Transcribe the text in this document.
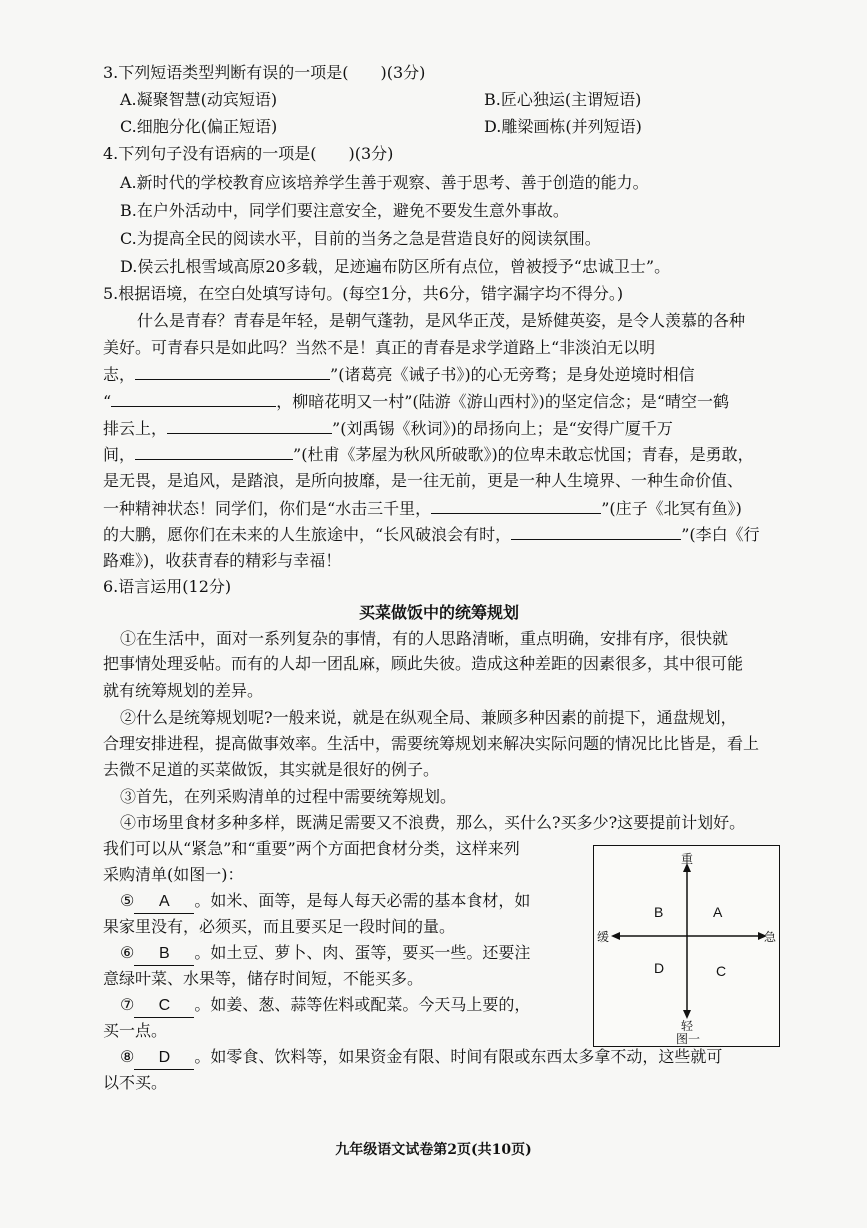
3.下列短语类型判断有误的一项是(　　)(3分)
A.凝聚智慧(动宾短语)	B.匠心独运(主谓短语)
C.细胞分化(偏正短语)	D.雕梁画栋(并列短语)
4.下列句子没有语病的一项是(　　)(3分)
A.新时代的学校教育应该培养学生善于观察、善于思考、善于创造的能力。
B.在户外活动中，同学们要注意安全，避免不要发生意外事故。
C.为提高全民的阅读水平，目前的当务之急是营造良好的阅读氛围。
D.侯云扎根雪域高原20多载，足迹遍布防区所有点位，曾被授予“忠诚卫士”。
5.根据语境，在空白处填写诗句。(每空1分，共6分，错字漏字均不得分。)
什么是青春？青春是年轻，是朝气蓬勃，是风华正茂，是矫健英姿，是令人羡慕的各种
美好。可青春只是如此吗？当然不是！真正的青春是求学道路上“非淡泊无以明
志，	”(诸葛亮《诫子书》)的心无旁骛；是身处逆境时相信
“	，柳暗花明又一村”(陆游《游山西村》)的坚定信念；是“晴空一鹤
排云上，	”(刘禹锡《秋词》)的昂扬向上；是“安得广厦千万
间，	”(杜甫《茅屋为秋风所破歌》)的位卑未敢忘忧国；青春，是勇敢，
是无畏，是追风，是踏浪，是所向披靡，是一往无前，更是一种人生境界、一种生命价值、
一种精神状态！同学们，你们是“水击三千里，	”(庄子《北冥有鱼》)
的大鹏，愿你们在未来的人生旅途中，“长风破浪会有时，	”(李白《行
路难》)，收获青春的精彩与幸福！
6.语言运用(12分)
买菜做饭中的统筹规划
①在生活中，面对一系列复杂的事情，有的人思路清晰，重点明确，安排有序，很快就
把事情处理妥帖。而有的人却一团乱麻，顾此失彼。造成这种差距的因素很多，其中很可能
就有统筹规划的差异。
②什么是统筹规划呢?一般来说，就是在纵观全局、兼顾多种因素的前提下，通盘规划，
合理安排进程，提高做事效率。生活中，需要统筹规划来解决实际问题的情况比比皆是，看上
去微不足道的买菜做饭，其实就是很好的例子。
③首先，在列采购清单的过程中需要统筹规划。
④市场里食材多种多样，既满足需要又不浪费，那么，买什么?买多少?这要提前计划好。
我们可以从“紧急”和“重要”两个方面把食材分类，这样来列
采购清单(如图一)：
⑤ A 。如米、面等，是每人每天必需的基本食材，如
果家里没有，必须买，而且要买足一段时间的量。
⑥ B 。如土豆、萝卜、肉、蛋等，要买一些。还要注
意绿叶菜、水果等，储存时间短，不能买多。
⑦ C 。如姜、葱、蒜等佐料或配菜。今天马上要的，
买一点。
⑧ D 。如零食、饮料等，如果资金有限、时间有限或东西太多拿不动，这些就可
以不买。
重
轻
缓	急
B	A
D	C
图一
九年级语文试卷第2页(共10页)
